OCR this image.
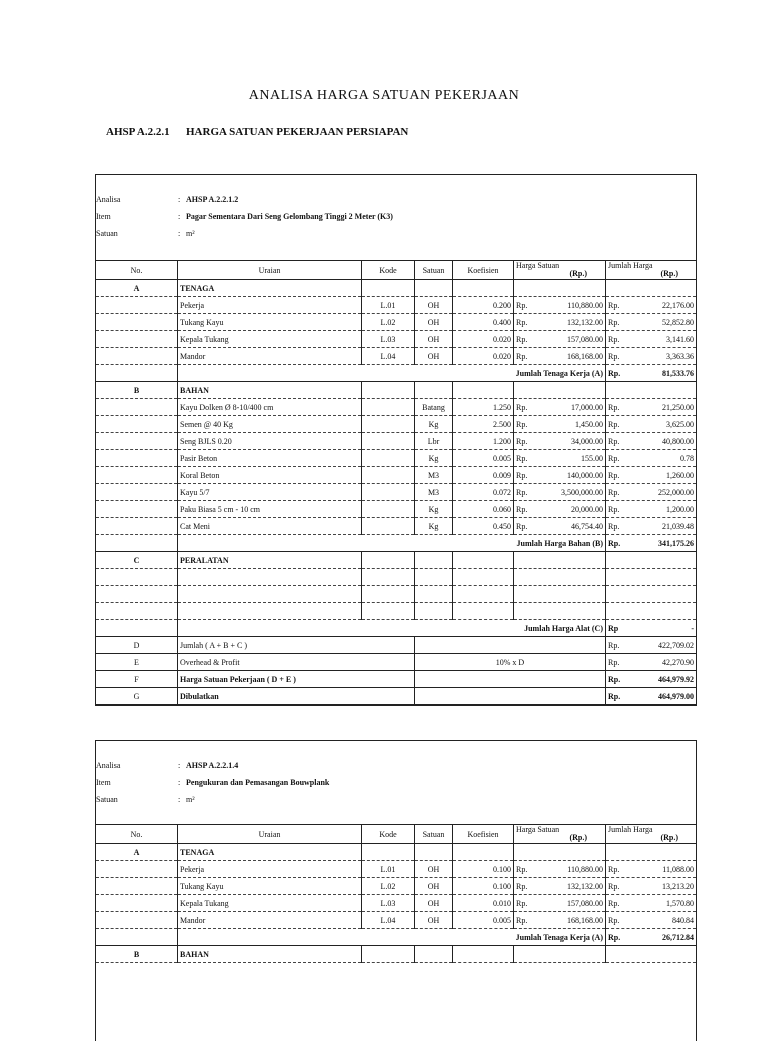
ANALISA HARGA SATUAN PEKERJAAN
AHSP A.2.2.1 HARGA SATUAN PEKERJAAN PERSIAPAN
Analisa	: AHSP A.2.2.1.2
Item	: Pagar Sementara Dari Seng Gelombang Tinggi 2 Meter (K3)
Satuan	: m²
No.	Uraian	Kode	Satuan	Koefisien	Harga Satuan
(Rp.)	Jumlah Harga
(Rp.)

A	TENAGA					
	Pekerja	L.01	OH	0.200	Rp. 110,880.00	Rp. 22,176.00

	Tukang Kayu	L.02	OH	0.400	Rp. 132,132.00	Rp. 52,852.80

	Kepala Tukang	L.03	OH	0.020	Rp. 157,080.00	Rp. 3,141.60

	Mandor	L.04	OH	0.020	Rp. 168,168.00	Rp. 3,363.36

	Jumlah Tenaga Kerja (A)					Rp. 81,533.76

B	BAHAN					
	Kayu Dolken Ø 8-10/400 cm		Batang	1.250	Rp. 17,000.00	Rp. 21,250.00

	Semen @ 40 Kg		Kg	2.500	Rp. 1,450.00	Rp. 3,625.00

	Seng BJLS 0.20		Lbr	1.200	Rp. 34,000.00	Rp. 40,800.00

	Pasir Beton		Kg	0.005	Rp. 155.00	Rp. 0.78

	Koral Beton		M3	0.009	Rp. 140,000.00	Rp. 1,260.00

	Kayu 5/7		M3	0.072	Rp. 3,500,000.00	Rp. 252,000.00

	Paku Biasa 5 cm - 10 cm		Kg	0.060	Rp. 20,000.00	Rp. 1,200.00

	Cat Meni		Kg	0.450	Rp. 46,754.40	Rp. 21,039.48

	Jumlah Harga Bahan (B)					Rp. 341,175.26

C	PERALATAN					

	Jumlah Harga Alat (C)					Rp -

D	Jumlah ( A + B + C )					Rp. 422,709.02

E	Overhead & Profit		10% x D			Rp. 42,270.90

F	Harga Satuan Pekerjaan ( D + E )					Rp. 464,979.92

G	Dibulatkan					Rp. 464,979.00
Analisa	: AHSP A.2.2.1.4
Item	: Pengukuran dan Pemasangan Bouwplank
Satuan	: m²
No.	Uraian	Kode	Satuan	Koefisien	Harga Satuan
(Rp.)	Jumlah Harga
(Rp.)

A	TENAGA					
	Pekerja	L.01	OH	0.100	Rp. 110,880.00	Rp. 11,088.00

	Tukang Kayu	L.02	OH	0.100	Rp. 132,132.00	Rp. 13,213.20

	Kepala Tukang	L.03	OH	0.010	Rp. 157,080.00	Rp. 1,570.80

	Mandor	L.04	OH	0.005	Rp. 168,168.00	Rp. 840.84

	Jumlah Tenaga Kerja (A)					Rp. 26,712.84

B	BAHAN					
